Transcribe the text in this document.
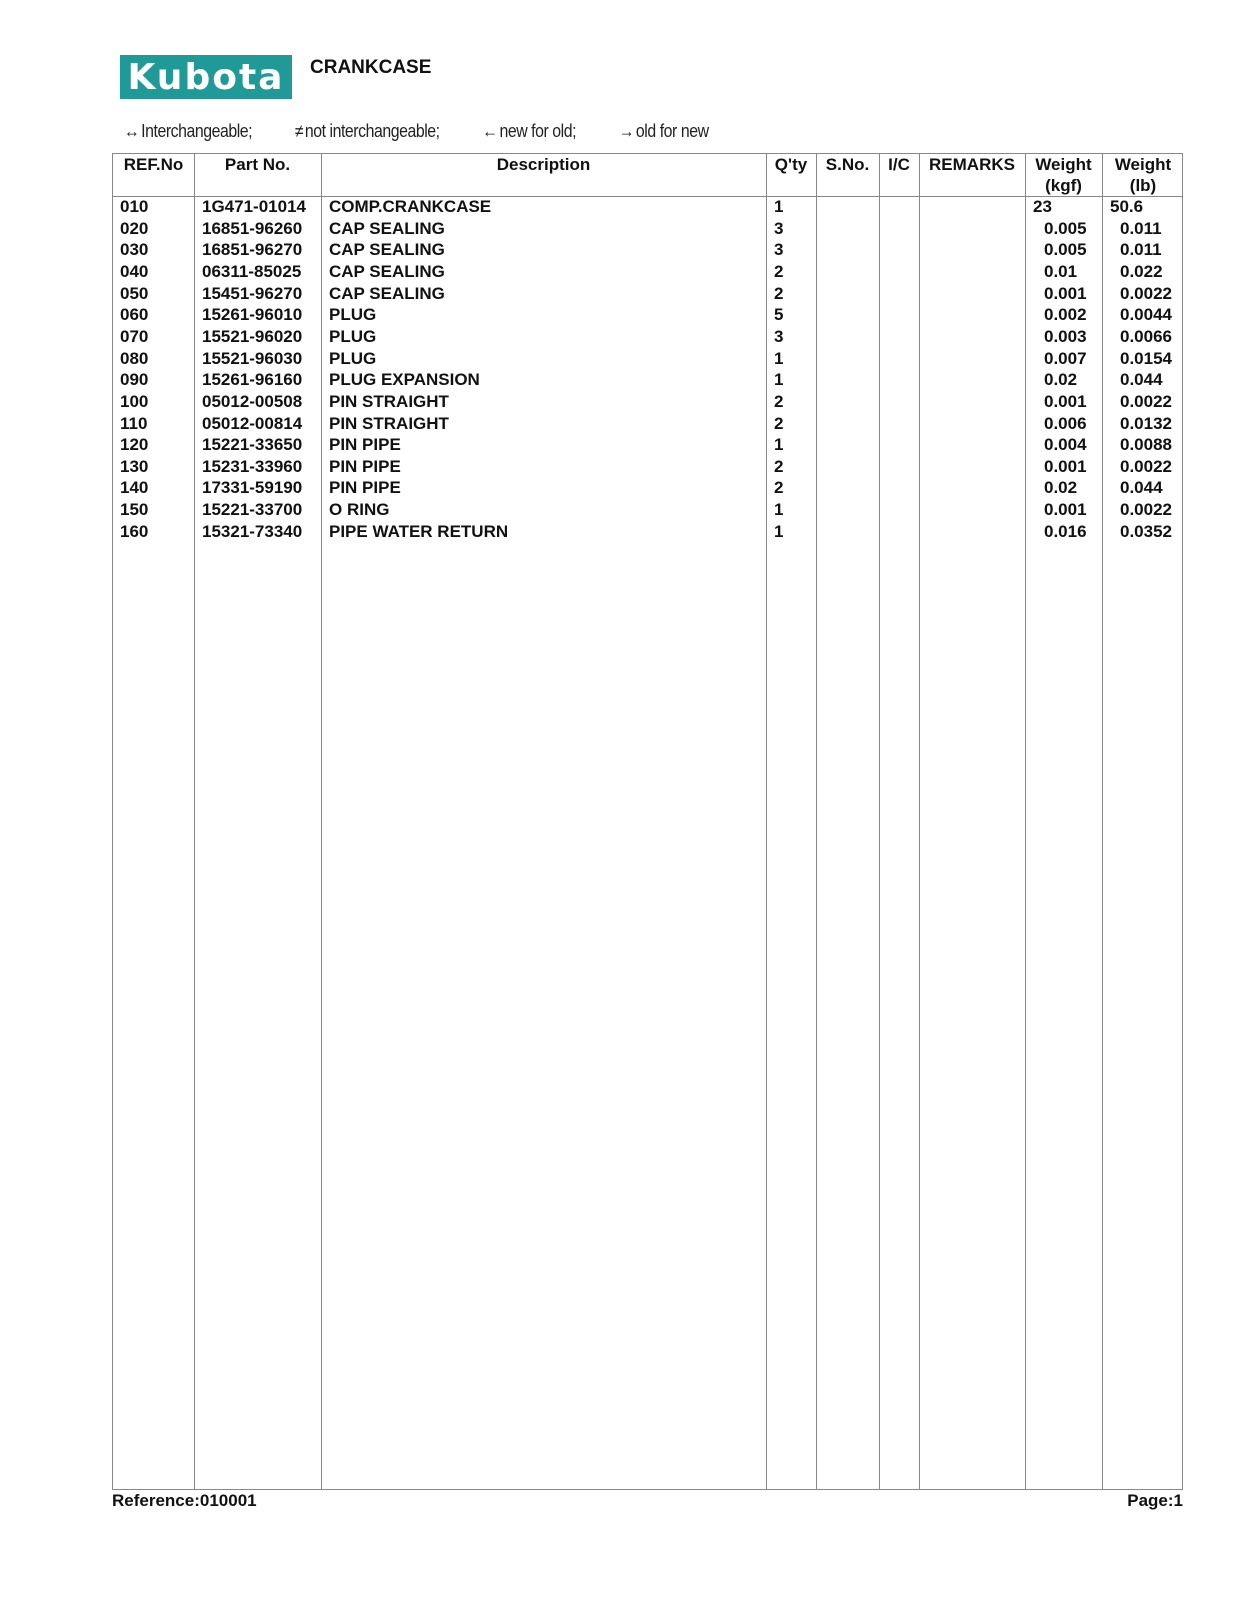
Kubota	CRANKCASE
↔Interchangeable; ≠not interchangeable; ←new for old; →old for new
REF.No	Part No.	Description	Q'ty	S.No.	I/C	REMARKS	Weight
(kgf)
Weight
(lb)
010	1G471-01014 COMP.CRANKCASE	1	23	50.6
020	16851-96260 CAP SEALING	3	0.005 0.011
030	16851-96270 CAP SEALING	3	0.005 0.011
040	06311-85025 CAP SEALING	2	0.01	0.022
050	15451-96270 CAP SEALING	2	0.001 0.0022
060	15261-96010 PLUG	5	0.002 0.0044
070	15521-96020 PLUG	3	0.003 0.0066
080	15521-96030 PLUG	1	0.007 0.0154
090	15261-96160 PLUG EXPANSION	1	0.02	0.044
100	05012-00508 PIN STRAIGHT	2	0.001 0.0022
110	05012-00814 PIN STRAIGHT	2	0.006 0.0132
120	15221-33650 PIN PIPE	1	0.004 0.0088
130	15231-33960 PIN PIPE	2	0.001 0.0022
140	17331-59190 PIN PIPE	2	0.02	0.044
150	15221-33700 O RING	1	0.001 0.0022
160	15321-73340 PIPE WATER RETURN	1	0.016 0.0352
Reference:010001	Page:1
